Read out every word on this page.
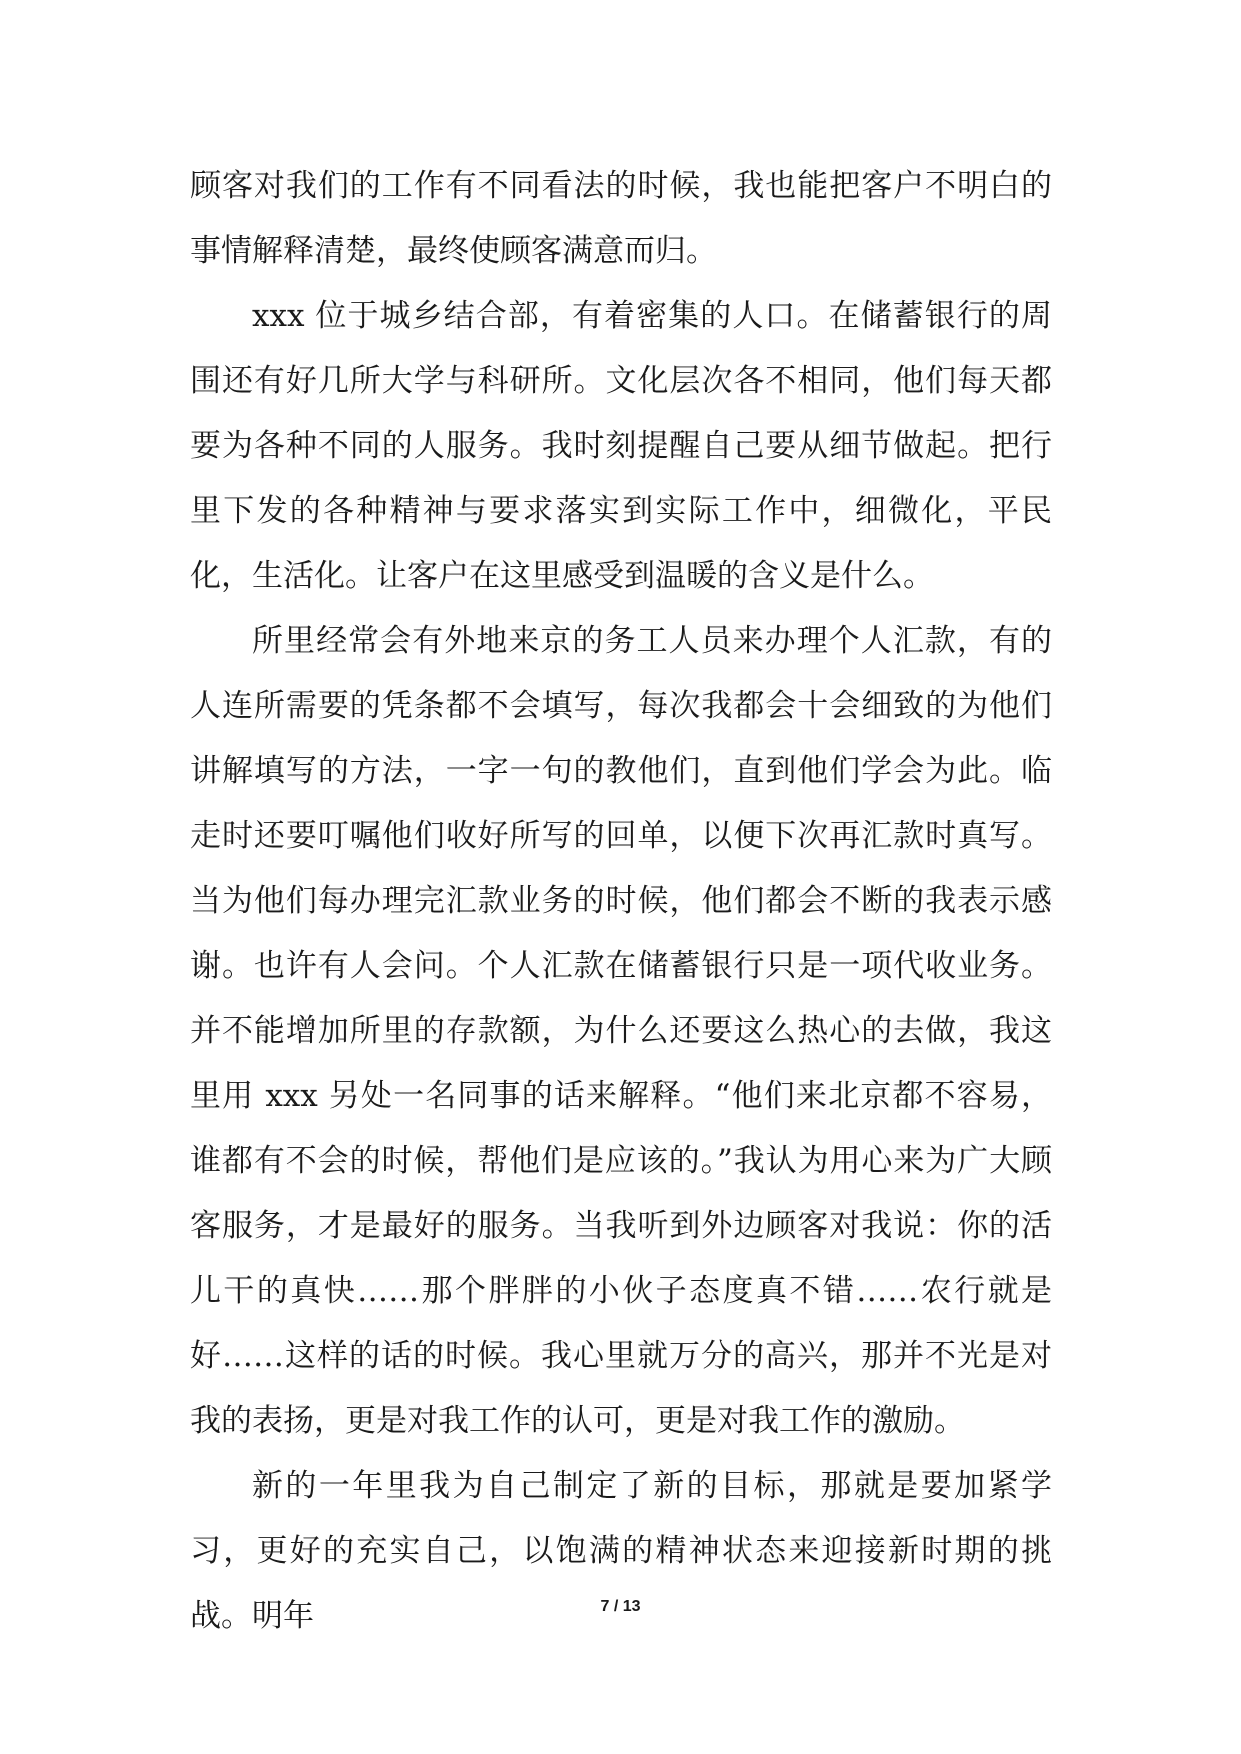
顾客对我们的工作有不同看法的时候，我也能把客户不明白的事情解释清楚，最终使顾客满意而归。

xxx 位于城乡结合部，有着密集的人口。在储蓄银行的周围还有好几所大学与科研所。文化层次各不相同，他们每天都要为各种不同的人服务。我时刻提醒自己要从细节做起。把行里下发的各种精神与要求落实到实际工作中，细微化，平民化，生活化。让客户在这里感受到温暖的含义是什么。

所里经常会有外地来京的务工人员来办理个人汇款，有的人连所需要的凭条都不会填写，每次我都会十会细致的为他们讲解填写的方法，一字一句的教他们，直到他们学会为此。临走时还要叮嘱他们收好所写的回单，以便下次再汇款时真写。当为他们每办理完汇款业务的时候，他们都会不断的我表示感谢。也许有人会问。个人汇款在储蓄银行只是一项代收业务。并不能增加所里的存款额，为什么还要这么热心的去做，我这里用 xxx 另处一名同事的话来解释。“他们来北京都不容易，谁都有不会的时候，帮他们是应该的。”我认为用心来为广大顾客服务，才是最好的服务。当我听到外边顾客对我说：你的活儿干的真快……那个胖胖的小伙子态度真不错……农行就是好……这样的话的时候。我心里就万分的高兴，那并不光是对我的表扬，更是对我工作的认可，更是对我工作的激励。

新的一年里我为自己制定了新的目标，那就是要加紧学习，更好的充实自己，以饱满的精神状态来迎接新时期的挑战。明年	7 / 13
